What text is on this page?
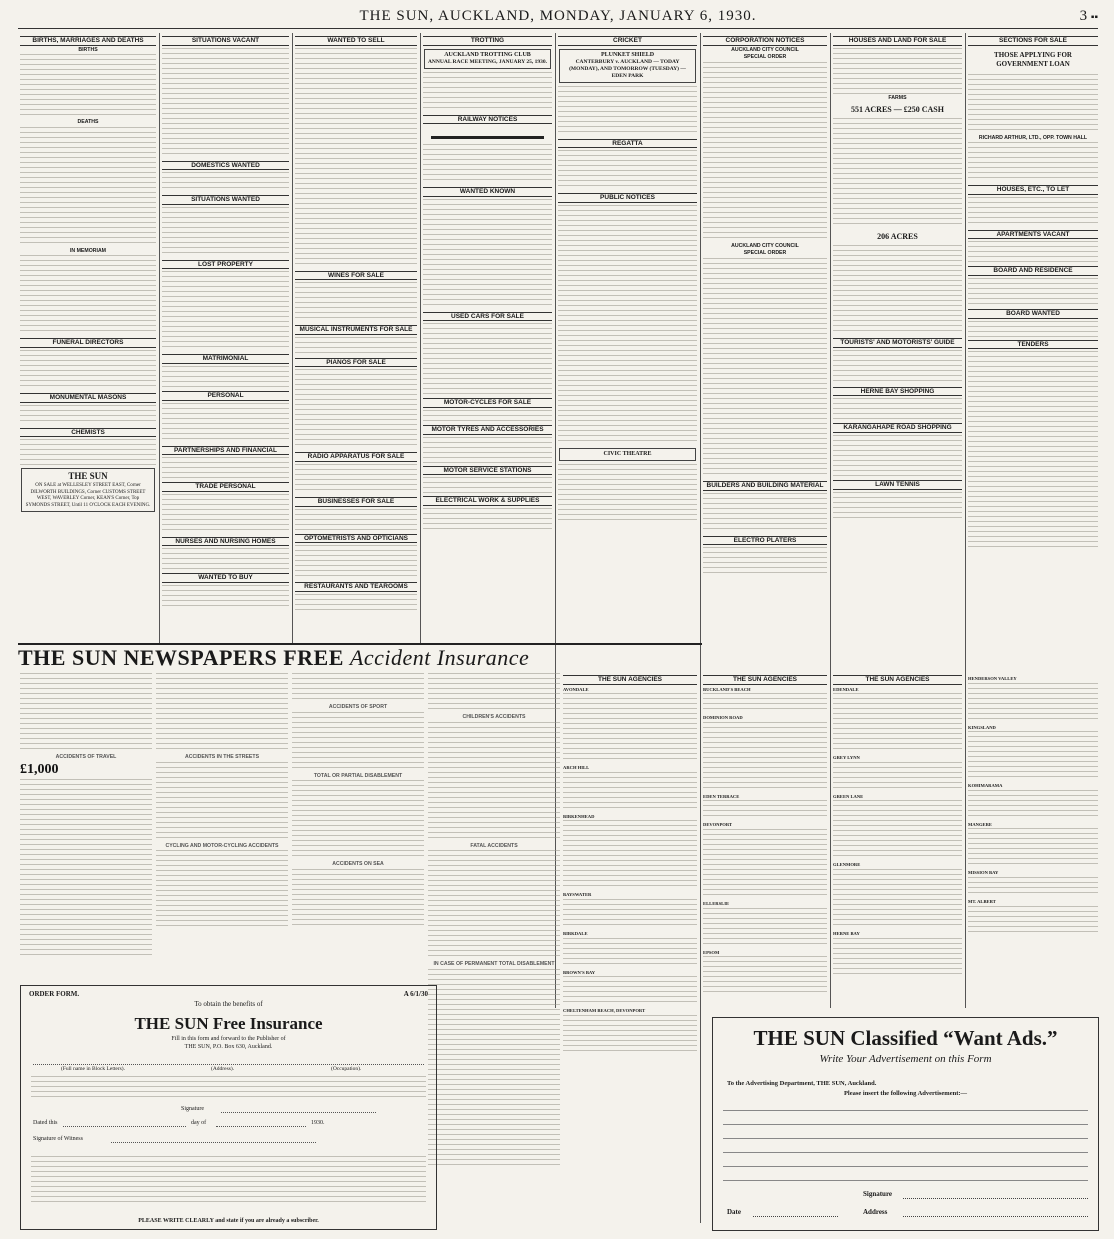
THE SUN, AUCKLAND, MONDAY, JANUARY 6, 1930.	3 ▪▪
BIRTHS, MARRIAGES AND DEATHS
BIRTHS
DEATHS
IN MEMORIAM
FUNERAL DIRECTORS
MONUMENTAL MASONS
CHEMISTS
THE SUN
ON SALE at WELLESLEY STREET EAST, Corner DILWORTH BUILDINGS, Corner CUSTOMS STREET WEST, WAVERLEY Corner, KEAN'S Corner, Top SYMONDS STREET, Until 11 O'CLOCK EACH EVENING.
SITUATIONS VACANT
DOMESTICS WANTED
SITUATIONS WANTED
LOST PROPERTY
MATRIMONIAL
PERSONAL
PARTNERSHIPS AND FINANCIAL
TRADE PERSONAL
NURSES AND NURSING HOMES
WANTED TO BUY
WANTED TO SELL
WINES FOR SALE
MUSICAL INSTRUMENTS FOR SALE
PIANOS FOR SALE
RADIO APPARATUS FOR SALE
BUSINESSES FOR SALE
OPTOMETRISTS AND OPTICIANS
RESTAURANTS AND TEAROOMS
TROTTING
AUCKLAND TROTTING CLUB
ANNUAL RACE MEETING, JANUARY 25, 1930.
RAILWAY NOTICES
WANTED KNOWN
USED CARS FOR SALE
MOTOR-CYCLES FOR SALE
MOTOR TYRES AND ACCESSORIES
MOTOR SERVICE STATIONS
ELECTRICAL WORK & SUPPLIES
CRICKET
PLUNKET SHIELD
CANTERBURY v. AUCKLAND — TODAY (MONDAY), AND TOMORROW (TUESDAY) — EDEN PARK
REGATTA
PUBLIC NOTICES
CIVIC THEATRE
CORPORATION NOTICES
AUCKLAND CITY COUNCIL
SPECIAL ORDER
AUCKLAND CITY COUNCIL
SPECIAL ORDER
BUILDERS AND BUILDING MATERIAL
ELECTRO PLATERS
HOUSES AND LAND FOR SALE
FARMS
551 ACRES — £250 CASH
206 ACRES
TOURISTS' AND MOTORISTS' GUIDE
HERNE BAY SHOPPING
KARANGAHAPE ROAD SHOPPING
LAWN TENNIS
SECTIONS FOR SALE
THOSE APPLYING FOR GOVERNMENT LOAN
RICHARD ARTHUR, LTD., OPP. TOWN HALL
HOUSES, ETC., TO LET
APARTMENTS VACANT
BOARD AND RESIDENCE
BOARD WANTED
TENDERS
THE SUN NEWSPAPERS FREE Accident Insurance
ACCIDENTS OF TRAVEL
£1,000
ACCIDENTS IN THE STREETS
CYCLING AND MOTOR-CYCLING ACCIDENTS
ACCIDENTS OF SPORT
TOTAL OR PARTIAL DISABLEMENT
ACCIDENTS ON SEA
CHILDREN'S ACCIDENTS
FATAL ACCIDENTS
IN CASE OF PERMANENT TOTAL DISABLEMENT
THE SUN AGENCIES
AVONDALE
ARCH HILL
BIRKENHEAD
BAYSWATER
BIRKDALE
BROWN'S BAY
CHELTENHAM BEACH, DEVONPORT
THE SUN AGENCIES
BUCKLAND'S BEACH
DOMINION ROAD
EDEN TERRACE
DEVONPORT
ELLERSLIE
EPSOM
THE SUN AGENCIES
EDENDALE
GREY LYNN
GREEN LANE
GLENMORE
HERNE BAY
HENDERSON VALLEY
KINGSLAND
KOHIMARAMA
MANGERE
MISSION BAY
MT. ALBERT
ORDER FORM.	A 6/1/30
To obtain the benefits of
THE SUN Free Insurance
Fill in this form and forward to the Publisher of
THE SUN, P.O. Box 630, Auckland.
(Full name in Block Letters).	(Address).	(Occupation).
Signature
Dated this	day of	1930.
Signature of Witness
PLEASE WRITE CLEARLY and state if you are already a subscriber.
THE SUN Classified “Want Ads.”
Write Your Advertisement on this Form
To the Advertising Department, THE SUN, Auckland.
Please insert the following Advertisement:—
Signature
Date	Address
